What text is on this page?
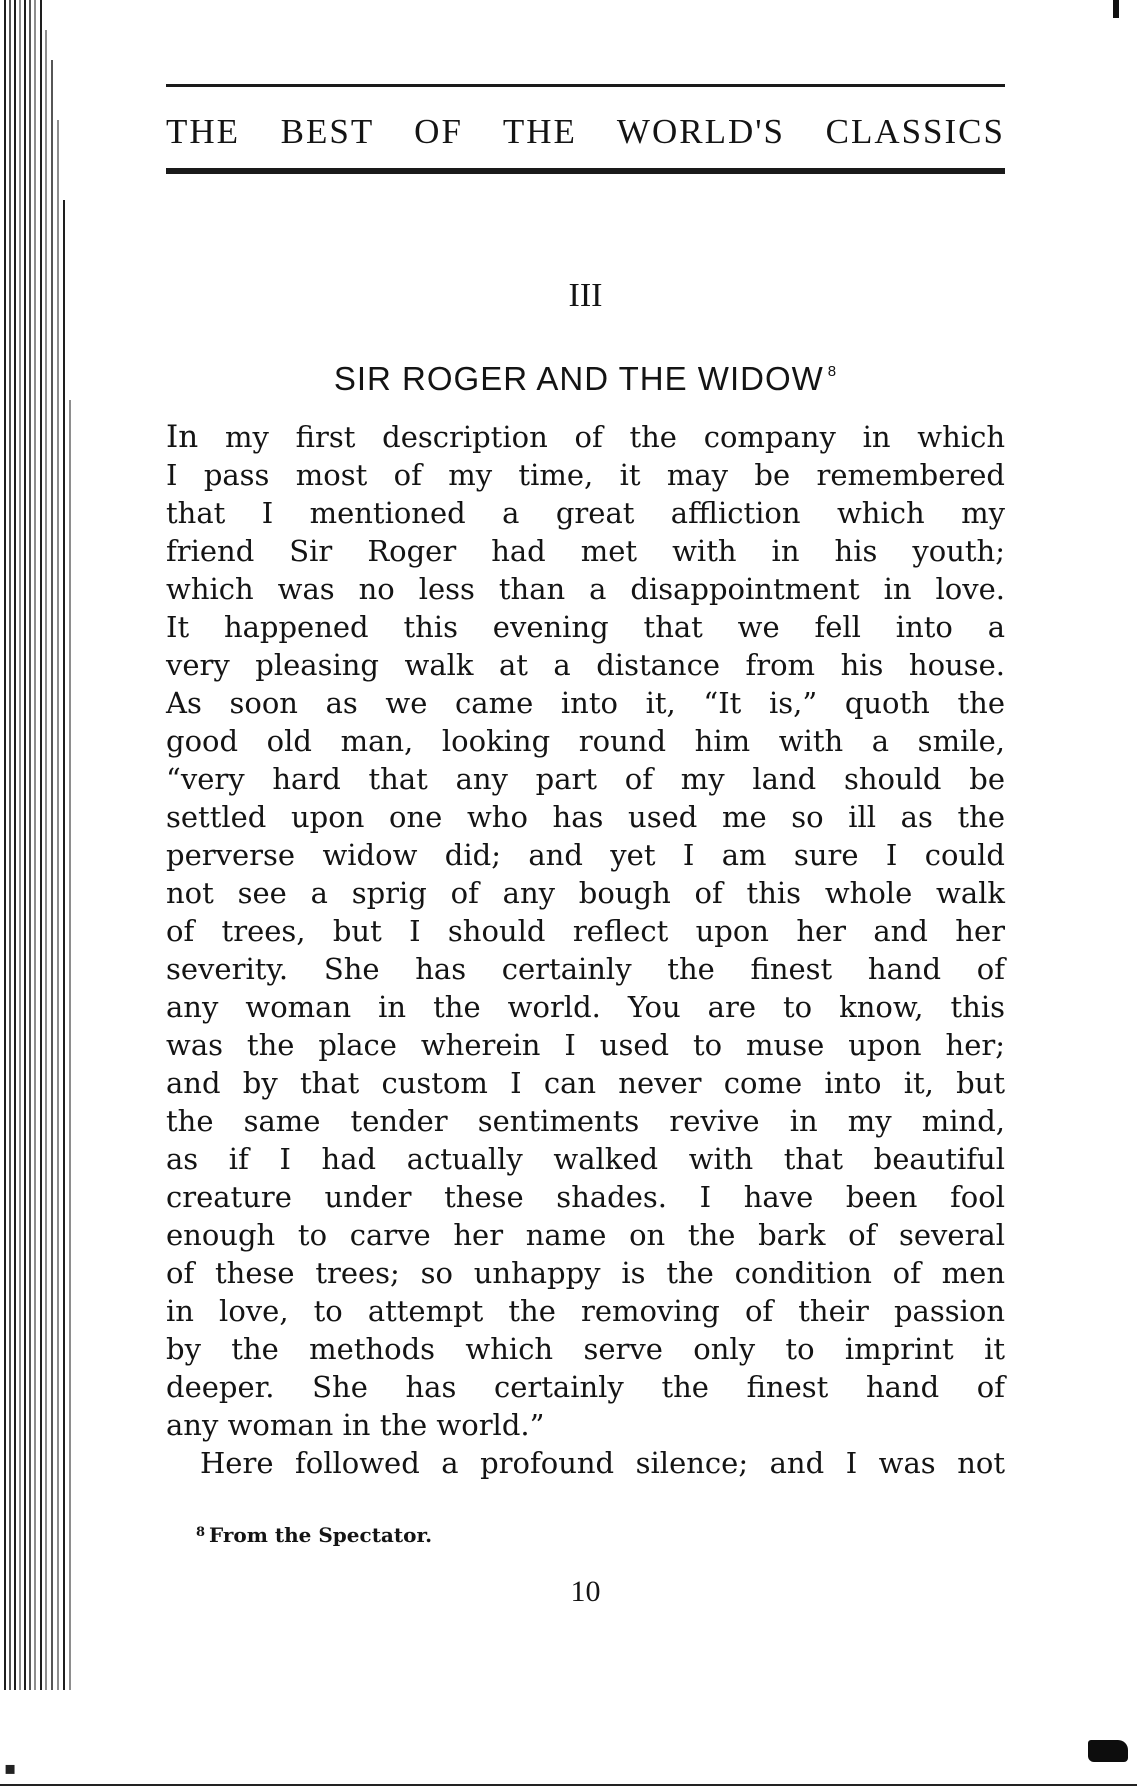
▪
THE BEST OF THE WORLD'S CLASSICS
III
SIR ROGER AND THE WIDOW $^8$
In my first description of the company in which
I pass most of my time, it may be remembered
that I mentioned a great affliction which my
friend Sir Roger had met with in his youth;
which was no less than a disappointment in love.
It happened this evening that we fell into a
very pleasing walk at a distance from his house.
As soon as we came into it, “It is,” quoth the
good old man, looking round him with a smile,
“very hard that any part of my land should be
settled upon one who has used me so ill as the
perverse widow did; and yet I am sure I could
not see a sprig of any bough of this whole walk
of trees, but I should reflect upon her and her
severity. She has certainly the finest hand of
any woman in the world. You are to know, this
was the place wherein I used to muse upon her;
and by that custom I can never come into it, but
the same tender sentiments revive in my mind,
as if I had actually walked with that beautiful
creature under these shades. I have been fool
enough to carve her name on the bark of several
of these trees; so unhappy is the condition of men
in love, to attempt the removing of their passion
by the methods which serve only to imprint it
deeper. She has certainly the finest hand of
any woman in the world.”
Here followed a profound silence; and I was not
$^8$ From the Spectator.
10
